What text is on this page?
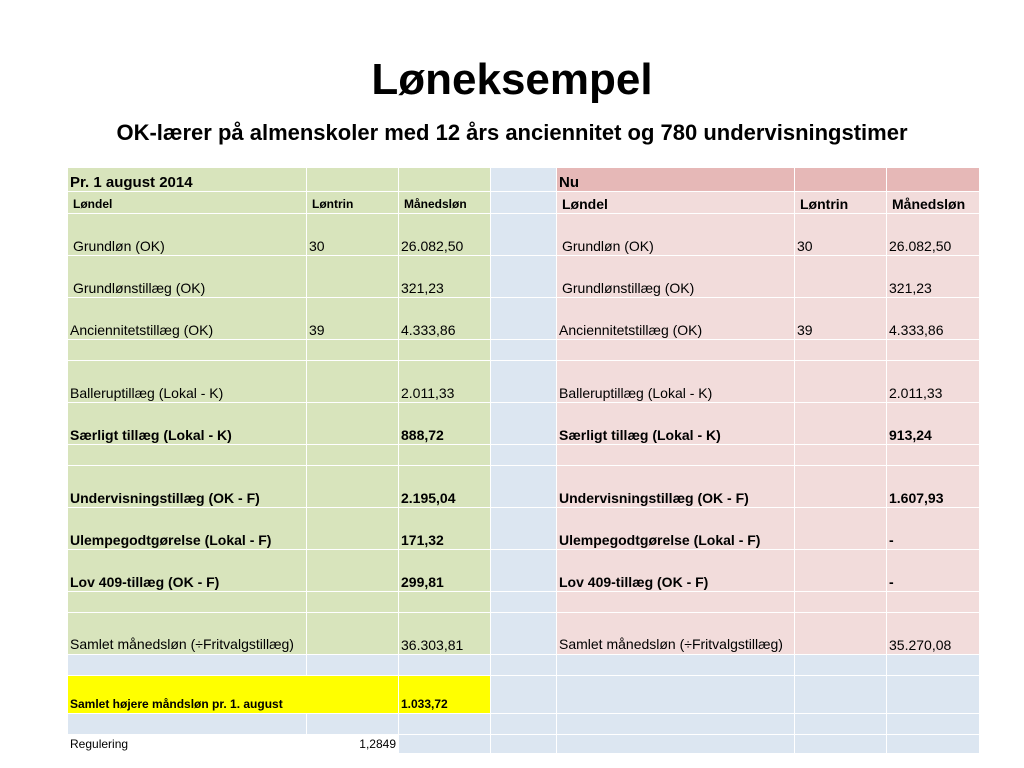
Løneksempel
OK-lærer på almenskoler med 12 års anciennitet og 780 undervisningstimer
Pr. 1 august 2014				Nu		
Løndel	Løntrin	Månedsløn		Løndel	Løntrin	Månedsløn
Grundløn (OK)	30	26.082,50		Grundløn (OK)	30	26.082,50
Grundlønstillæg (OK)		321,23		Grundlønstillæg (OK)		321,23
Anciennitetstillæg (OK)	39	4.333,86		Anciennitetstillæg (OK)	39	4.333,86

Balleruptillæg (Lokal - K)		2.011,33		Balleruptillæg (Lokal - K)		2.011,33
Særligt tillæg (Lokal - K)		888,72		Særligt tillæg (Lokal - K)		913,24

Undervisningstillæg (OK - F)		2.195,04		Undervisningstillæg (OK - F)		1.607,93
Ulempegodtgørelse (Lokal - F)		171,32		Ulempegodtgørelse (Lokal - F)		-
Lov 409-tillæg (OK - F)		299,81		Lov 409-tillæg (OK - F)		-

Samlet månedsløn (÷Fritvalgstillæg)		36.303,81		Samlet månedsløn (÷Fritvalgstillæg)		35.270,08

Samlet højere måndsløn pr. 1. august		1.033,72				

Regulering	1,2849					
